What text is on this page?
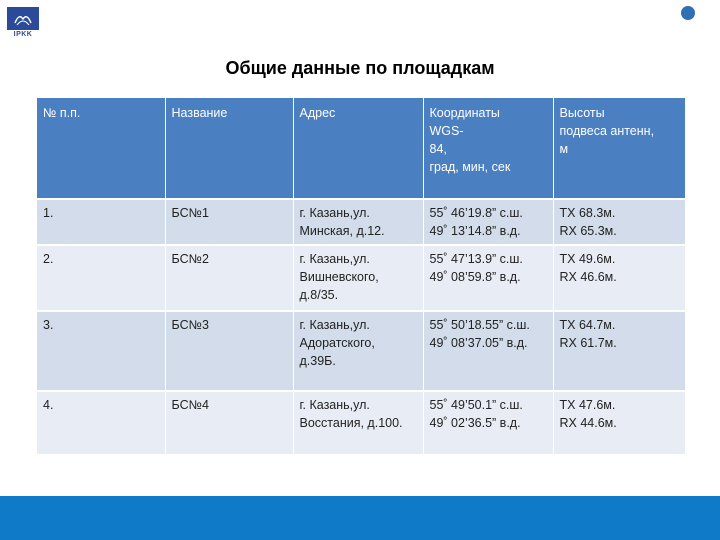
IPKK
Общие данные по площадкам
№ п.п.	Название	Адрес	Координаты
WGS-
84,
град, мин, сек	Высоты
подвеса антенн,
м
1.	БС№1	г. Казань,ул.
Минская, д.12.	55˚ 46’19.8” с.ш.
49˚ 13’14.8” в.д.	TX 68.3м.
RX 65.3м.
2.	БС№2	г. Казань,ул.
Вишневского,
д.8/35.	55˚ 47’13.9” с.ш.
49˚ 08’59.8” в.д.	TX 49.6м.
RX 46.6м.
3.	БС№3	г. Казань,ул.
Адоратского,
д.39Б.	55˚ 50’18.55” с.ш.
49˚ 08’37.05” в.д.	TX 64.7м.
RX 61.7м.
4.	БС№4	г. Казань,ул.
Восстания, д.100.	55˚ 49’50.1” с.ш.
49˚ 02’36.5” в.д.	TX 47.6м.
RX 44.6м.
